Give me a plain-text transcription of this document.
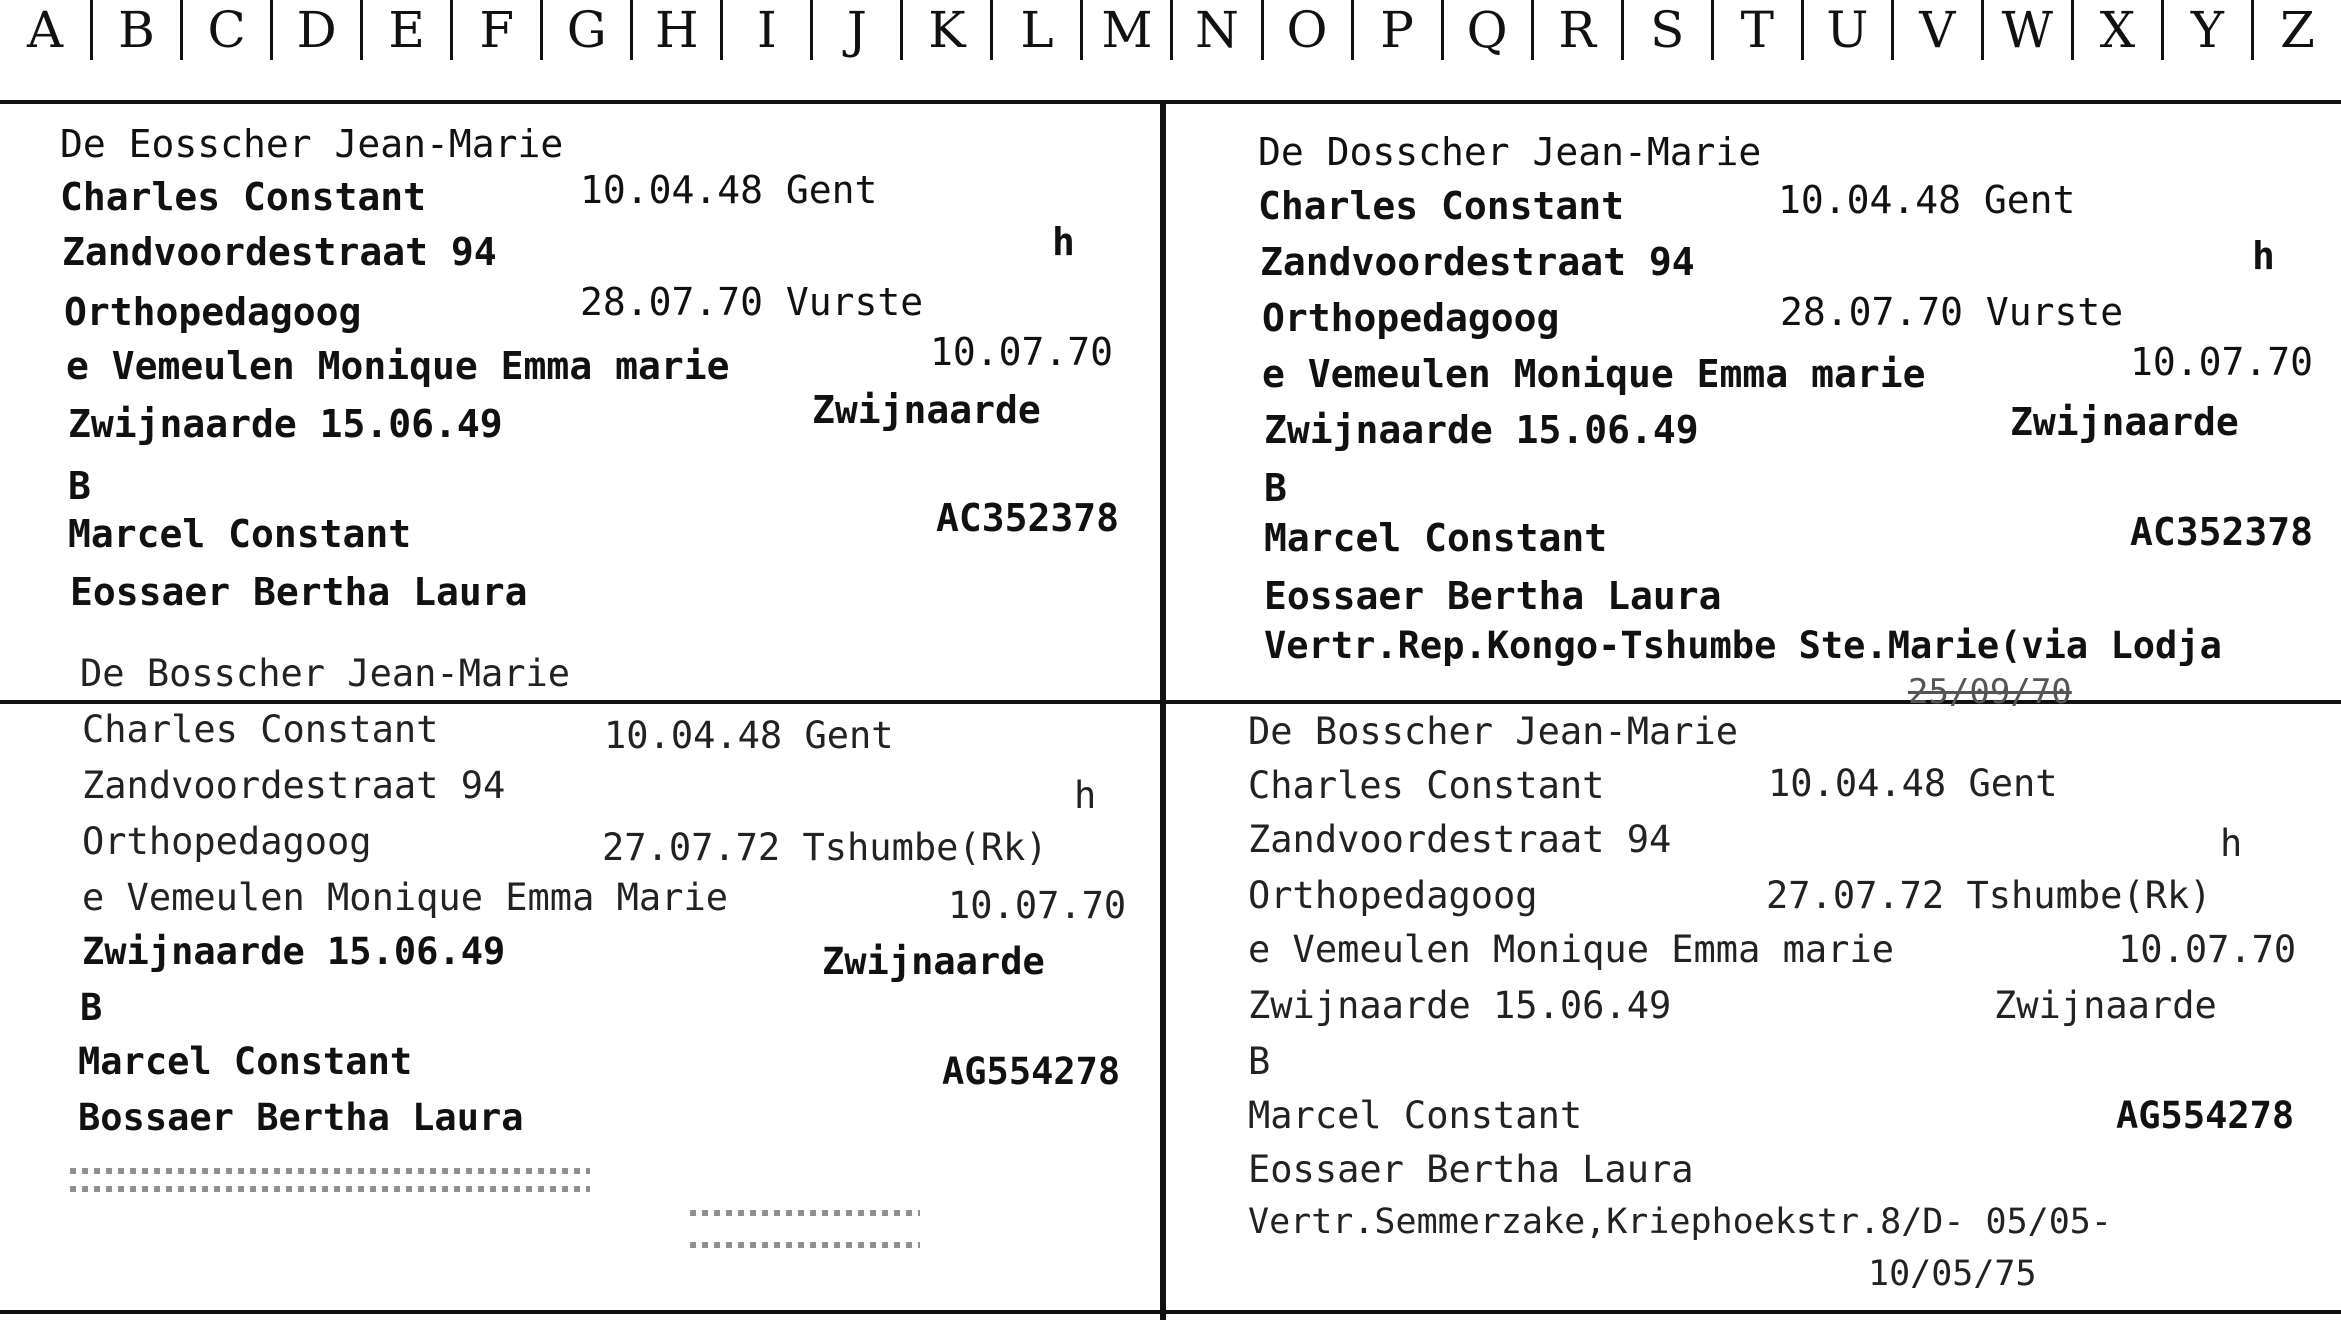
A	B	C	D	E	F	G H	I	J	K	L M N O	P	Q	R	S	T	U	V W X	Y	Z
De Eosscher Jean-Marie
Charles Constant	10.04.48 Gent
Zandvoordestraat 94	h
Orthopedagoog	28.07.70 Vurste
e Vemeulen Monique Emma marie	10.07.70
Zwijnaarde 15.06.49	Zwijnaarde
B
Marcel Constant	AC352378
Eossaer Bertha Laura
De Dosscher Jean-Marie
Charles Constant	10.04.48 Gent
Zandvoordestraat 94	h
Orthopedagoog	28.07.70 Vurste
e Vemeulen Monique Emma marie	10.07.70
Zwijnaarde 15.06.49	Zwijnaarde
B
Marcel Constant	AC352378
Eossaer Bertha Laura
Vertr.Rep.Kongo-Tshumbe Ste.Marie(via Lodja
25/09/70
De Bosscher Jean-Marie
Charles Constant	10.04.48 Gent
Zandvoordestraat 94	h
Orthopedagoog	27.07.72 Tshumbe(Rk)
e Vemeulen Monique Emma Marie	10.07.70
Zwijnaarde 15.06.49	Zwijnaarde
B
Marcel Constant	AG554278
Bossaer Bertha Laura
De Bosscher Jean-Marie
Charles Constant	10.04.48 Gent
Zandvoordestraat 94	h
Orthopedagoog	27.07.72 Tshumbe(Rk)
e Vemeulen Monique Emma marie	10.07.70
Zwijnaarde 15.06.49	Zwijnaarde
B
Marcel Constant	AG554278
Eossaer Bertha Laura
Vertr.Semmerzake,Kriephoekstr.8/D- 05/05-
10/05/75
